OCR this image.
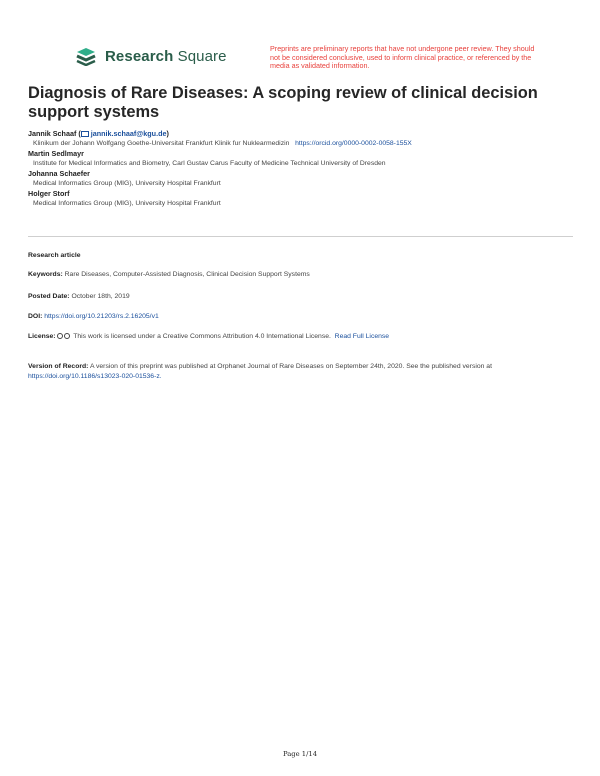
Research Square	Preprints are preliminary reports that have not undergone peer review. They should not be considered conclusive, used to inform clinical practice, or referenced by the media as validated information.
Diagnosis of Rare Diseases: A scoping review of clinical decision support systems
Jannik Schaaf ( jannik.schaaf@kgu.de)
Klinikum der Johann Wolfgang Goethe-Universitat Frankfurt Klinik fur Nuklearmedizin https://orcid.org/0000-0002-0058-155X
Martin Sedlmayr
Institute for Medical Informatics and Biometry, Carl Gustav Carus Faculty of Medicine Technical University of Dresden
Johanna Schaefer
Medical Informatics Group (MIG), University Hospital Frankfurt
Holger Storf
Medical Informatics Group (MIG), University Hospital Frankfurt
Research article
Keywords: Rare Diseases, Computer-Assisted Diagnosis, Clinical Decision Support Systems
Posted Date: October 18th, 2019
DOI: https://doi.org/10.21203/rs.2.16205/v1
License:	This work is licensed under a Creative Commons Attribution 4.0 International License. Read Full License
Version of Record: A version of this preprint was published at Orphanet Journal of Rare Diseases on September 24th, 2020. See the published version at https://doi.org/10.1186/s13023-020-01536-z.
Page 1/14
